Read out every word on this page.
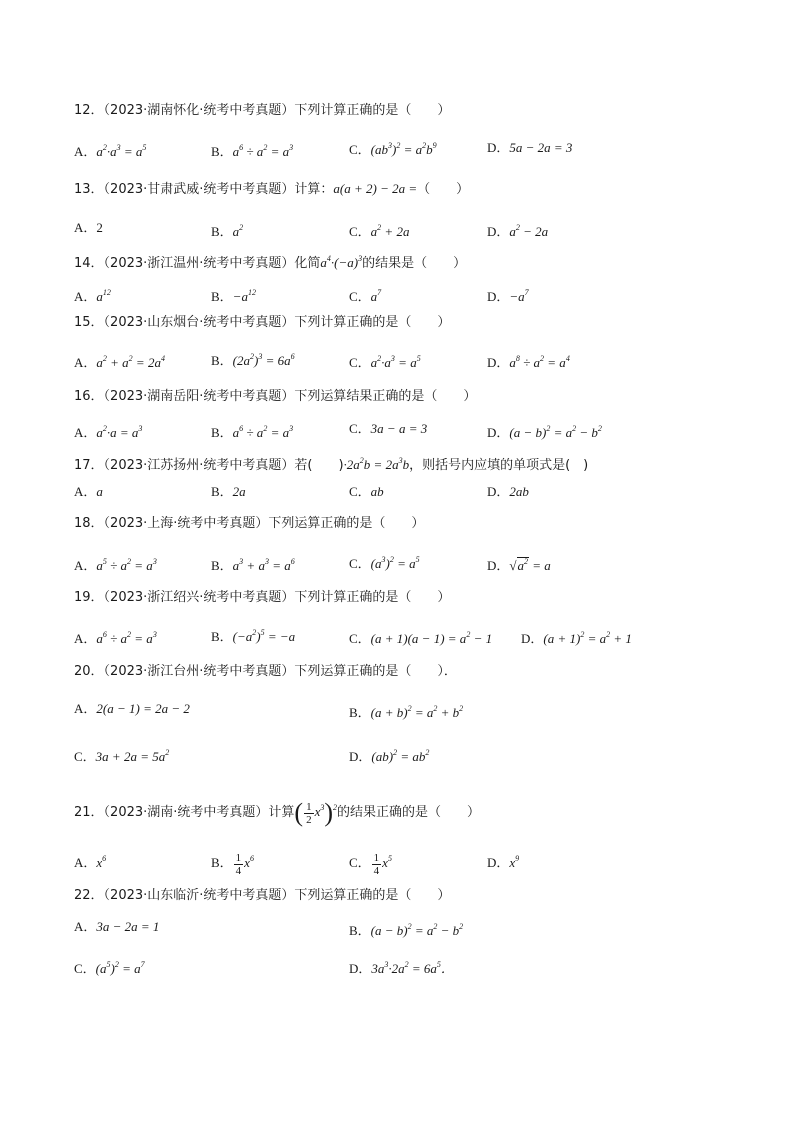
12．（2023·湖南怀化·统考中考真题）下列计算正确的是（　　）
A．$a^2\cdot a^3 = a^5$	B．$a^6 \div a^2 = a^3$	C．$(ab^3)^2 = a^2b^9$	D．5a − 2a = 3
13．（2023·甘肃武威·统考中考真题）计算：a(a + 2) − 2a =（　　）
A．2	B．$a^2$	C．$a^2 + 2a$	D．$a^2 - 2a$
14．（2023·浙江温州·统考中考真题）化简$a^4\cdot(-a)^3$的结果是（　　）
A．$a^{12}$	B．$-a^{12}$	C．$a^7$	D．$-a^7$
15．（2023·山东烟台·统考中考真题）下列计算正确的是（　　）
A．$a^2 + a^2 = 2a^4$	B．$(2a^2)^3 = 6a^6$	C．$a^2\cdot a^3 = a^5$	D．$a^8 \div a^2 = a^4$
16．（2023·湖南岳阳·统考中考真题）下列运算结果正确的是（　　）
A．$a^2\cdot a = a^3$	B．$a^6 \div a^2 = a^3$	C．3a − a = 3	D．$(a - b)^2 = a^2 - b^2$
17．（2023·江苏扬州·统考中考真题）若(　　)$\cdot 2a^2b = 2a^3b$，则括号内应填的单项式是(　)
A．a	B．2a	C．ab	D．2ab
18．（2023·上海·统考中考真题）下列运算正确的是（　　）
A．$a^5 \div a^2 = a^3$	B．$a^3 + a^3 = a^6$	C．$(a^3)^2 = a^5$	D．$√a^2 = a$
19．（2023·浙江绍兴·统考中考真题）下列计算正确的是（　　）
A．$a^6 \div a^2 = a^3$	B．$(-a^2)^5 = -a$	C．$(a + 1)(a - 1) = a^2 - 1$ D．$(a + 1)^2 = a^2 + 1$
20．（2023·浙江台州·统考中考真题）下列运算正确的是（　　）．
A．2(a − 1) = 2a − 2	B．$(a + b)^2 = a^2 + b^2$
C．$3a + 2a = 5a^2$	D．$(ab)^2 = ab^2$
21．（2023·湖南·统考中考真题）计算( $\frac{1}{2} x^3)^2$的结果正确的是（　　）
A．$x^6$	B． $\frac{1}{4} x^6$	C． $\frac{1}{4} x^5$	D．$x^9$
22．（2023·山东临沂·统考中考真题）下列运算正确的是（　　）
A．3a − 2a = 1	B．$(a - b)^2 = a^2 - b^2$
C．$(a^5)^2 = a^7$	D．$3a^3\cdot 2a^2 = 6a^5$．
